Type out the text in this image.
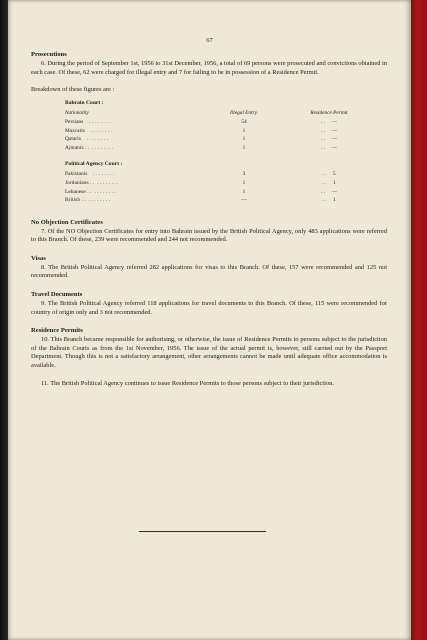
67
Prosecutions

6. During the period of September 1st, 1956 to 31st December, 1956, a total of 69 persons were prosecuted and convictions obtained in each case. Of these, 62 were charged for illegal entry and 7 for failing to be in possession of a Residence Permit.

Breakdown of these figures are :
Bahrain Court :
Nationality	Illegal Entry.	Residence Permit
Persians . . . . . . . .	54	. . —
Muscatis . . . . . . . .	1	. . —
Qataris . . . . . . . .	1	. . —
Ajmanis . . . . . . . . . .	1	. . —
Political Agency Court :
Pakistanis . . . . . . . .	3	. . 5
Jordanians . . . . . . . . . .	1	. . 1
Lebanese . . . . . . . . . .	1	. . —
British . . . . . . . . . .	—	. . 1
No Objection Certificates

7. Of the NO Objection Certificates for entry into Bahrain issued by the British Political Agency, only 483 applications were referred to this Branch. Of these, 239 were recommended and 244 not recommended.

Visas

8. The British Political Agency referred 282 applications for visas to this Branch. Of these, 157 were recommended and 125 not recommended.

Travel Documents

9. The British Political Agency referred 118 applications for travel documents to this Branch. Of these, 115 were recommended for country of origin only and 3 not recommended.

Residence Permits

10. This Branch became responsible for authorising, or otherwise, the issue of Residence Permits to persons subject to the jurisdiction of the Bahrain Courts as from the 1st November, 1956. The issue of the actual permit is, however, still carried out by the Passport Department. Though this is not a satisfactory arrangement, other arrangements cannot be made until adequate office accommodation is available.

11. The British Political Agency continues to issue Residence Permits to those persons subject to their jurisdiction.
